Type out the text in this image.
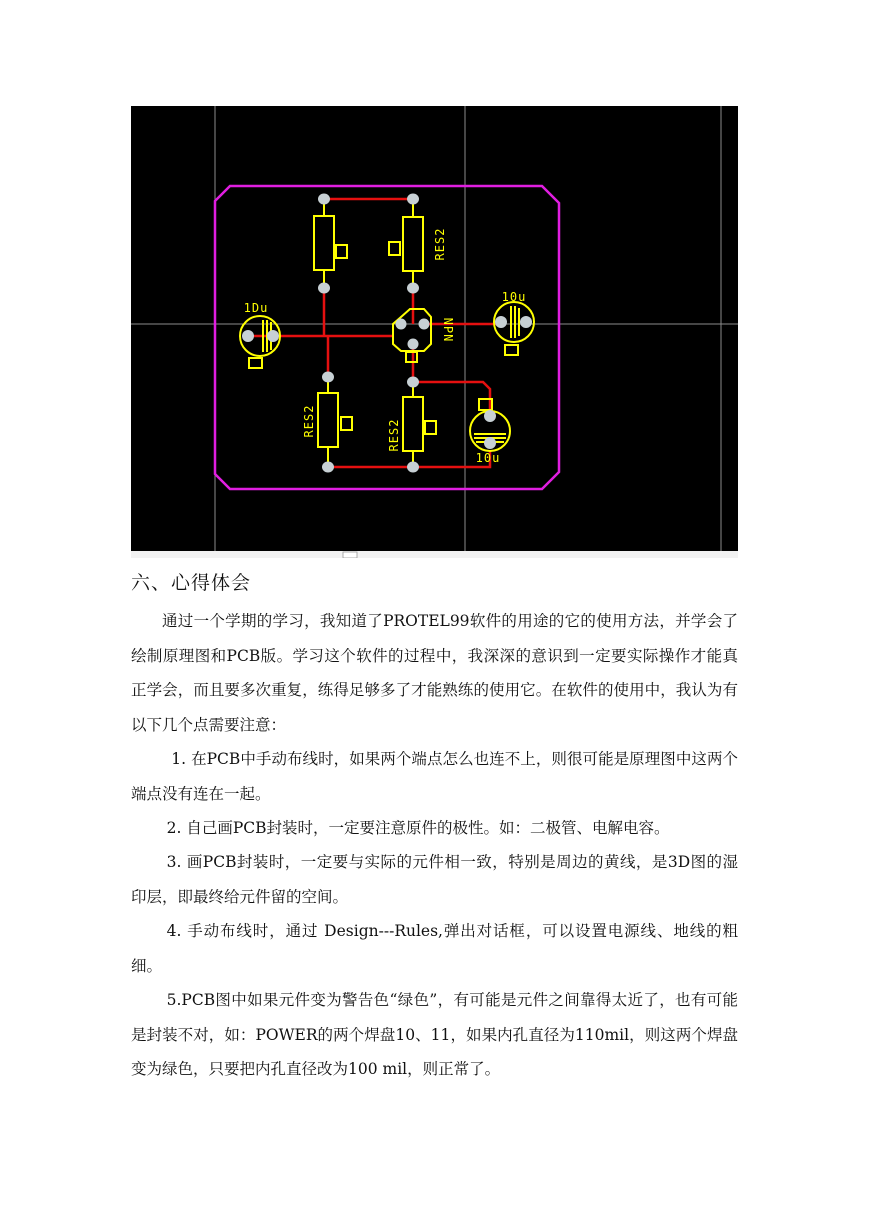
RES2
RES2	RES2
NPN
1Du
10u
10u
六、心得体会

通过一个学期的学习，我知道了PROTEL99软件的用途的它的使用方法，并学会了绘制原理图和PCB版。学习这个软件的过程中，我深深的意识到一定要实际操作才能真正学会，而且要多次重复，练得足够多了才能熟练的使用它。在软件的使用中，我认为有以下几个点需要注意：

1. 在PCB中手动布线时，如果两个端点怎么也连不上，则很可能是原理图中这两个端点没有连在一起。

2. 自己画PCB封装时，一定要注意原件的极性。如：二极管、电解电容。

3. 画PCB封装时，一定要与实际的元件相一致，特别是周边的黄线，是3D图的湿印层，即最终给元件留的空间。

4. 手动布线时，通过 Design---Rules,弹出对话框，可以设置电源线、地线的粗细。

5.PCB图中如果元件变为警告色“绿色”，有可能是元件之间靠得太近了，也有可能是封装不对，如：POWER的两个焊盘10、11，如果内孔直径为110mil，则这两个焊盘变为绿色，只要把内孔直径改为100 mil，则正常了。
